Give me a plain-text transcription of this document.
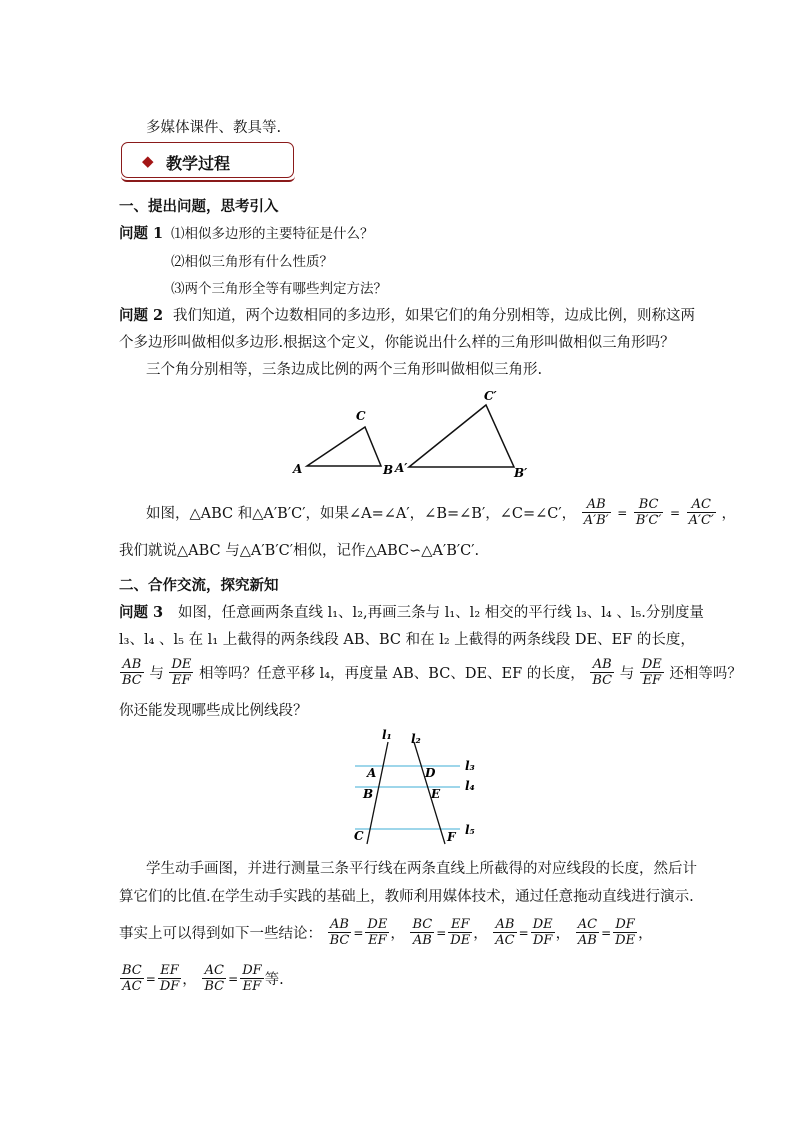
多媒体课件、教具等.
◆ 教学过程
一、提出问题，思考引入
问题 1 ⑴相似多边形的主要特征是什么？
⑵相似三角形有什么性质？
⑶两个三角形全等有哪些判定方法？
问题 2 我们知道，两个边数相同的多边形，如果它们的角分别相等，边成比例，则称这两
个多边形叫做相似多边形.根据这个定义，你能说出什么样的三角形叫做相似三角形吗？
三个角分别相等，三条边成比例的两个三角形叫做相似三角形.
A	B
C
A′	B′
C′
如图，△ABC 和△A′B′C′，如果∠A=∠A′，∠B=∠B′，∠C=∠C′， $\frac{AB}{A'B'} = \frac{BC}{B'C'} = \frac{AC}{A'C'}$ ，
我们就说△ABC 与△A′B′C′相似，记作△ABC∽△A′B′C′.
二、合作交流，探究新知
问题 3 如图，任意画两条直线 l₁、l₂,再画三条与 l₁、l₂ 相交的平行线 l₃、l₄ 、l₅.分别度量
l₃、l₄ 、l₅ 在 l₁ 上截得的两条线段 AB、BC 和在 l₂ 上截得的两条线段 DE、EF 的长度，
$\frac{AB}{BC}$ 与 $\frac{DE}{EF}$ 相等吗？任意平移 l₄，再度量 AB、BC、DE、EF 的长度， $\frac{AB}{BC}$ 与 $\frac{DE}{EF}$ 还相等吗？
你还能发现哪些成比例线段？
l₁ l₂
l₃
l₄
l₅
A
B
C
D
E
F
学生动手画图，并进行测量三条平行线在两条直线上所截得的对应线段的长度，然后计
算它们的比值.在学生动手实践的基础上，教师利用媒体技术，通过任意拖动直线进行演示.
事实上可以得到如下一些结论： $\frac{AB}{BC} = \frac{DE}{EF}$ ， $\frac{BC}{AB} = \frac{EF}{DE}$ ， $\frac{AB}{AC} = \frac{DE}{DF}$ ， $\frac{AC}{AB} = \frac{DF}{DE}$ ，
$\frac{BC}{AC} = \frac{EF}{DF}$ ， $\frac{AC}{BC} = \frac{DF}{EF}$ 等.
